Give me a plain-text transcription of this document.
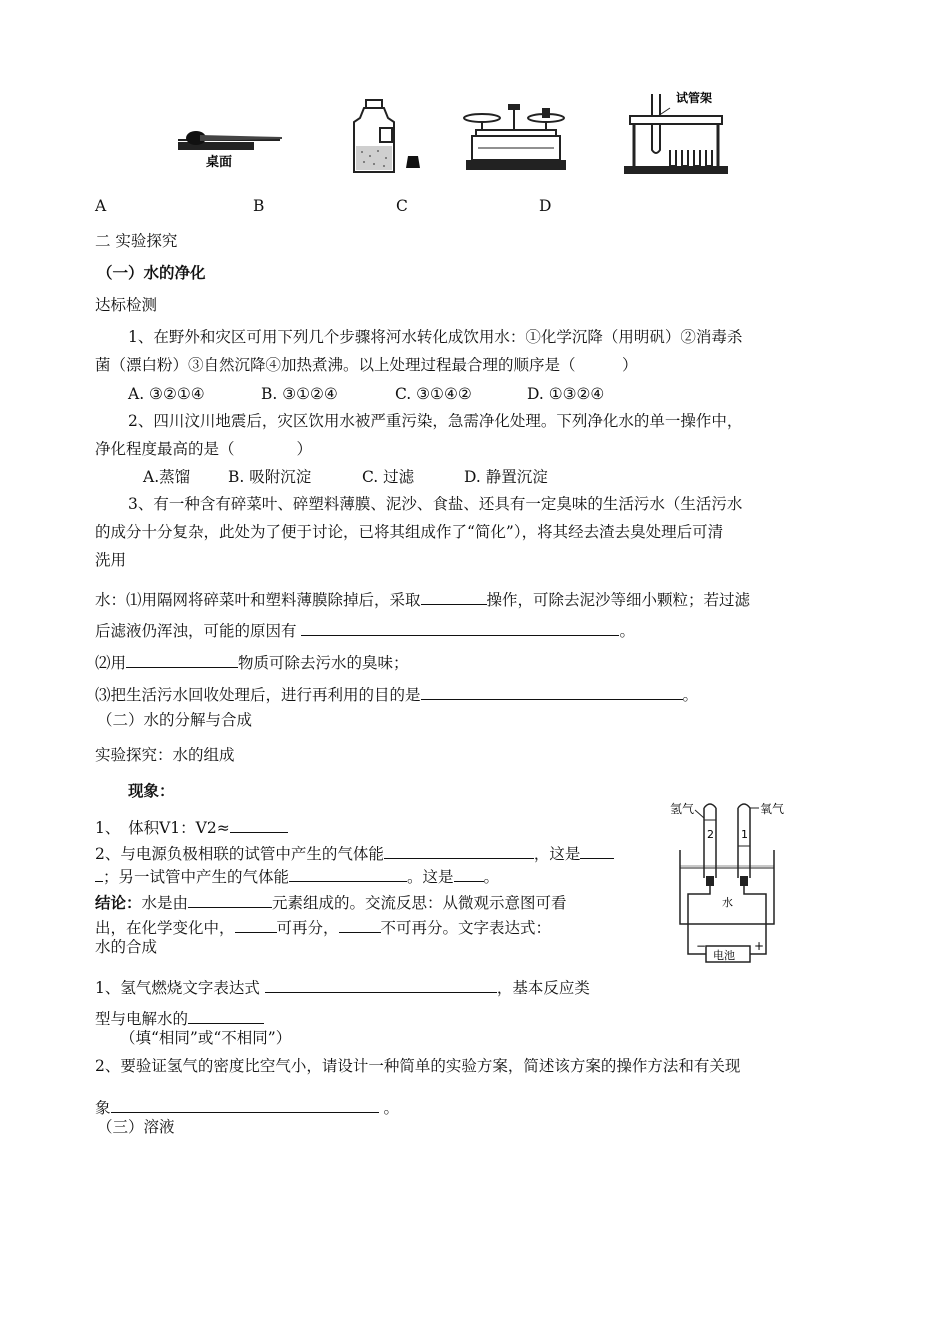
桌面
试管架
A	B	C	D
二 实验探究
（一）水的净化
达标检测
1、在野外和灾区可用下列几个步骤将河水转化成饮用水：①化学沉降（用明矾）②消毒杀
菌（漂白粉）③自然沉降④加热煮沸。以上处理过程最合理的顺序是（　　　）
A. ③②①④	B. ③①②④	C. ③①④②	D. ①③②④
2、四川汶川地震后，灾区饮用水被严重污染，急需净化处理。下列净化水的单一操作中，
净化程度最高的是（　　　　）
A.蒸馏 B. 吸附沉淀	C. 过滤	D. 静置沉淀
3、有一种含有碎菜叶、碎塑料薄膜、泥沙、食盐、还具有一定臭味的生活污水（生活污水
的成分十分复杂，此处为了便于讨论，已将其组成作了“简化”），将其经去渣去臭处理后可清
洗用
水：⑴用隔网将碎菜叶和塑料薄膜除掉后，采取	操作，可除去泥沙等细小颗粒；若过滤
后滤液仍浑浊，可能的原因有	。
⑵用	物质可除去污水的臭味；
⑶把生活污水回收处理后，进行再利用的目的是	。
（二）水的分解与合成
实验探究：水的组成
现象：
1、　体积V1：V2≈
2、与电源负极相联的试管中产生的气体能	，这是
；另一试管中产生的气体能	。这是 。
结论：水是由	元素组成的。交流反思：从微观示意图可看
出，在化学变化中，	可再分，	不可再分。文字表达式：
水的合成
1、氢气燃烧文字表达式	，基本反应类
型与电解水的
（填“相同”或“不相同”）
2、要验证氢气的密度比空气小，请设计一种简单的实验方案，简述该方案的操作方法和有关现
象	。
（三）溶液
氢气	氧气
2 1
水
电池
−	+
